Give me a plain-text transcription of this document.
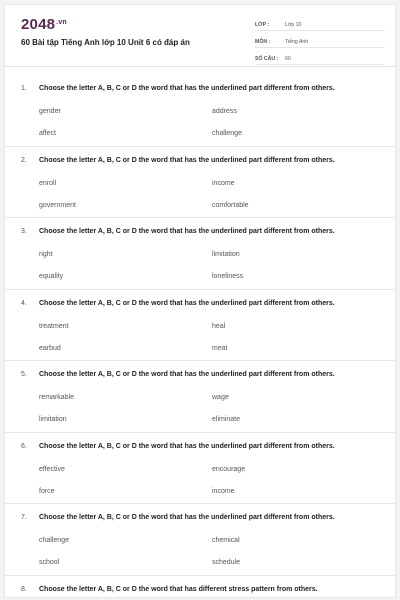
$2048^{.vn}$
60 Bài tập Tiếng Anh lớp 10 Unit 6 có đáp án
LỚP :	Lớp 10
MÔN :	Tiếng Anh
SỐ CÂU :	60
1.	Choose the letter A, B, C or D the word that has the underlined part different from others.
gender	address
affect	challenge
2.	Choose the letter A, B, C or D the word that has the underlined part different from others.
enroll	income
government	comfortable
3.	Choose the letter A, B, C or D the word that has the underlined part different from others.
right	limitation
equality	loneliness
4.	Choose the letter A, B, C or D the word that has the underlined part different from others.
treatment	heal
earbud	meat
5.	Choose the letter A, B, C or D the word that has the underlined part different from others.
remarkable	wage
limitation	eliminate
6.	Choose the letter A, B, C or D the word that has the underlined part different from others.
effective	encourage
force	income
7.	Choose the letter A, B, C or D the word that has the underlined part different from others.
challenge	chemical
school	schedule
8.	Choose the letter A, B, C or D the word that has different stress pattern from others.
